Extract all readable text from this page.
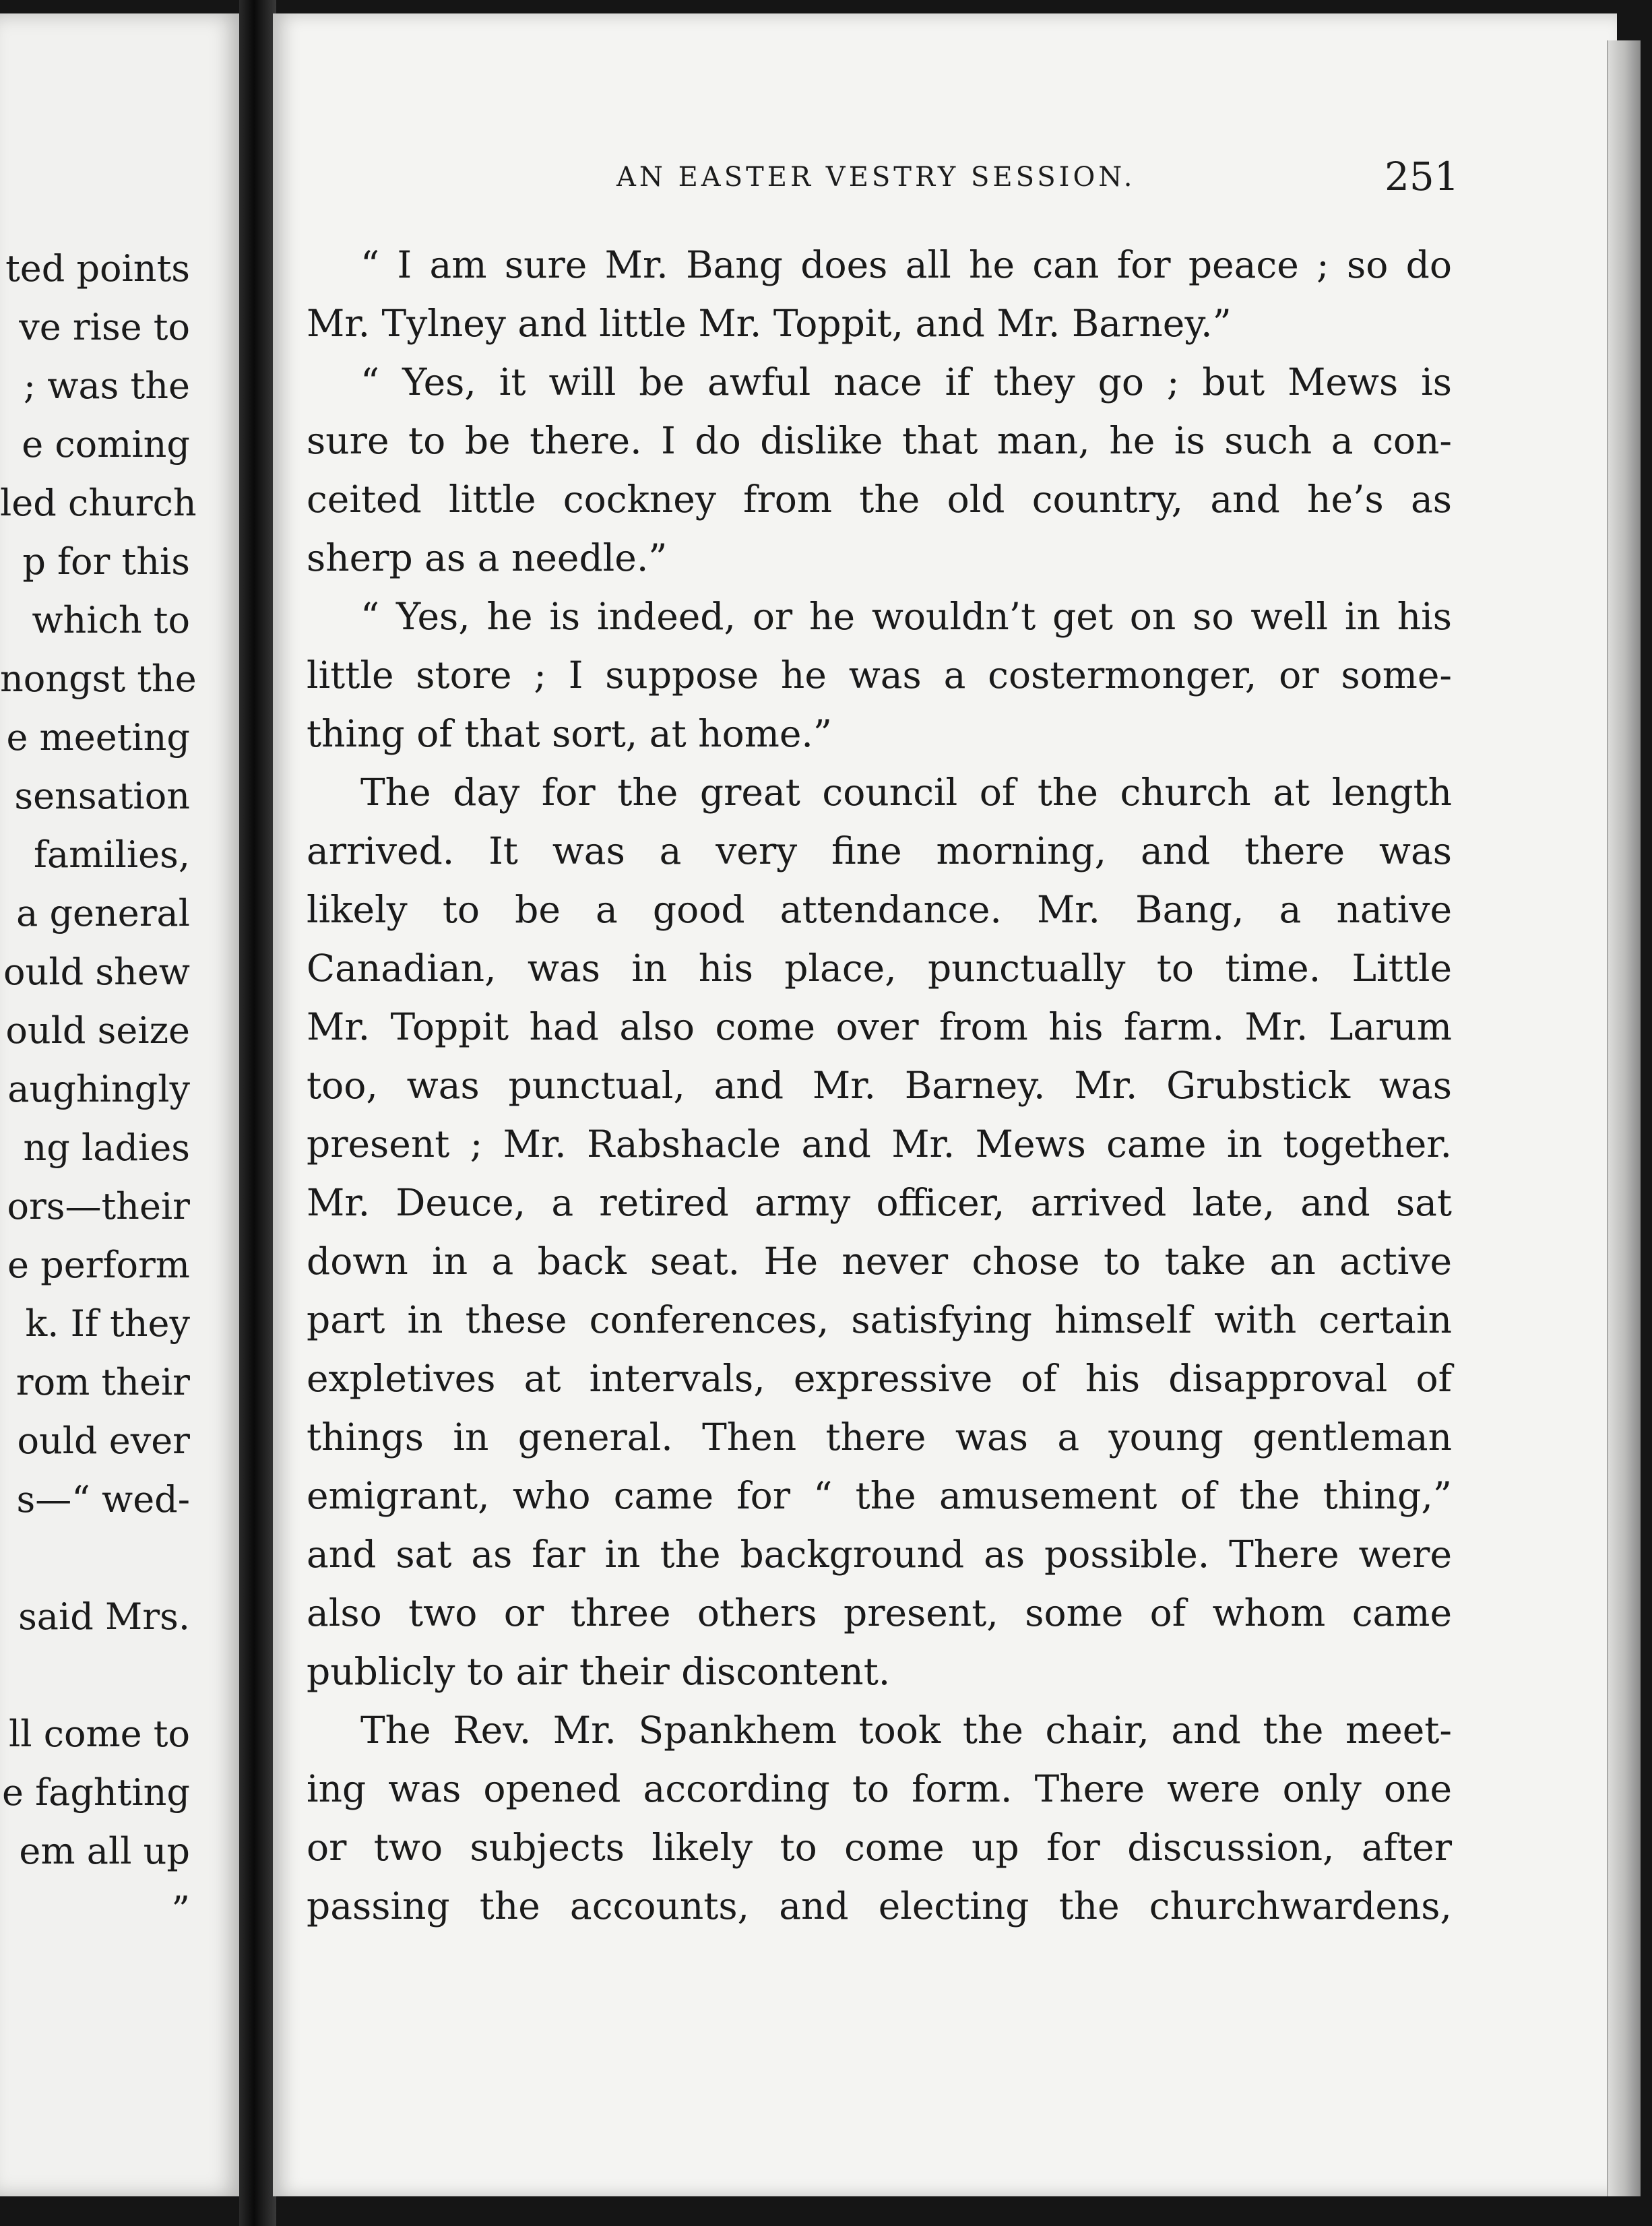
ted points
ve rise to
; was the
e coming
led church
p for this
which to
nongst the
e meeting
sensation
families,
a general
ould shew
ould seize
aughingly
ng ladies
ors—their
e perform
k. If they
rom their
ould ever
s—“ wed-
said Mrs.
ll come to
e faghting
em all up
”
AN EASTER VESTRY SESSION.	251
“ I am sure Mr. Bang does all he can for peace ; so do
Mr. Tylney and little Mr. Toppit, and Mr. Barney.”
“ Yes, it will be awful nace if they go ; but Mews is
sure to be there. I do dislike that man, he is such a con-
ceited little cockney from the old country, and he’s as
sherp as a needle.”
“ Yes, he is indeed, or he wouldn’t get on so well in his
little store ; I suppose he was a costermonger, or some-
thing of that sort, at home.”
The day for the great council of the church at length
arrived. It was a very fine morning, and there was
likely to be a good attendance. Mr. Bang, a native
Canadian, was in his place, punctually to time. Little
Mr. Toppit had also come over from his farm. Mr. Larum
too, was punctual, and Mr. Barney. Mr. Grubstick was
present ; Mr. Rabshacle and Mr. Mews came in together.
Mr. Deuce, a retired army officer, arrived late, and sat
down in a back seat. He never chose to take an active
part in these conferences, satisfying himself with certain
expletives at intervals, expressive of his disapproval of
things in general. Then there was a young gentleman
emigrant, who came for “ the amusement of the thing,”
and sat as far in the background as possible. There were
also two or three others present, some of whom came
publicly to air their discontent.
The Rev. Mr. Spankhem took the chair, and the meet-
ing was opened according to form. There were only one
or two subjects likely to come up for discussion, after
passing the accounts, and electing the churchwardens,
